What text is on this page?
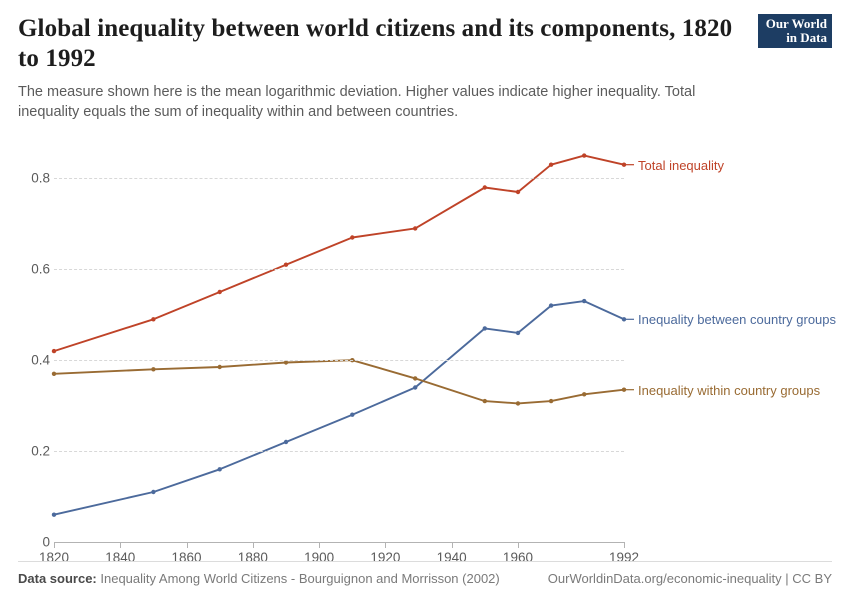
Global inequality between world citizens and its components, 1820 to 1992

The measure shown here is the mean logarithmic deviation. Higher values indicate higher inequality. Total inequality equals the sum of inequality within and between countries.

Our World
in Data
0
0.2
0.4
0.6
0.8
1820	1840	1860	1880	1900	1920	1940	1960	1992
Total inequality
Inequality between country groups
Inequality within country groups
Data source: Inequality Among World Citizens - Bourguignon and Morrisson (2002)	OurWorldinData.org/economic-inequality | CC BY
